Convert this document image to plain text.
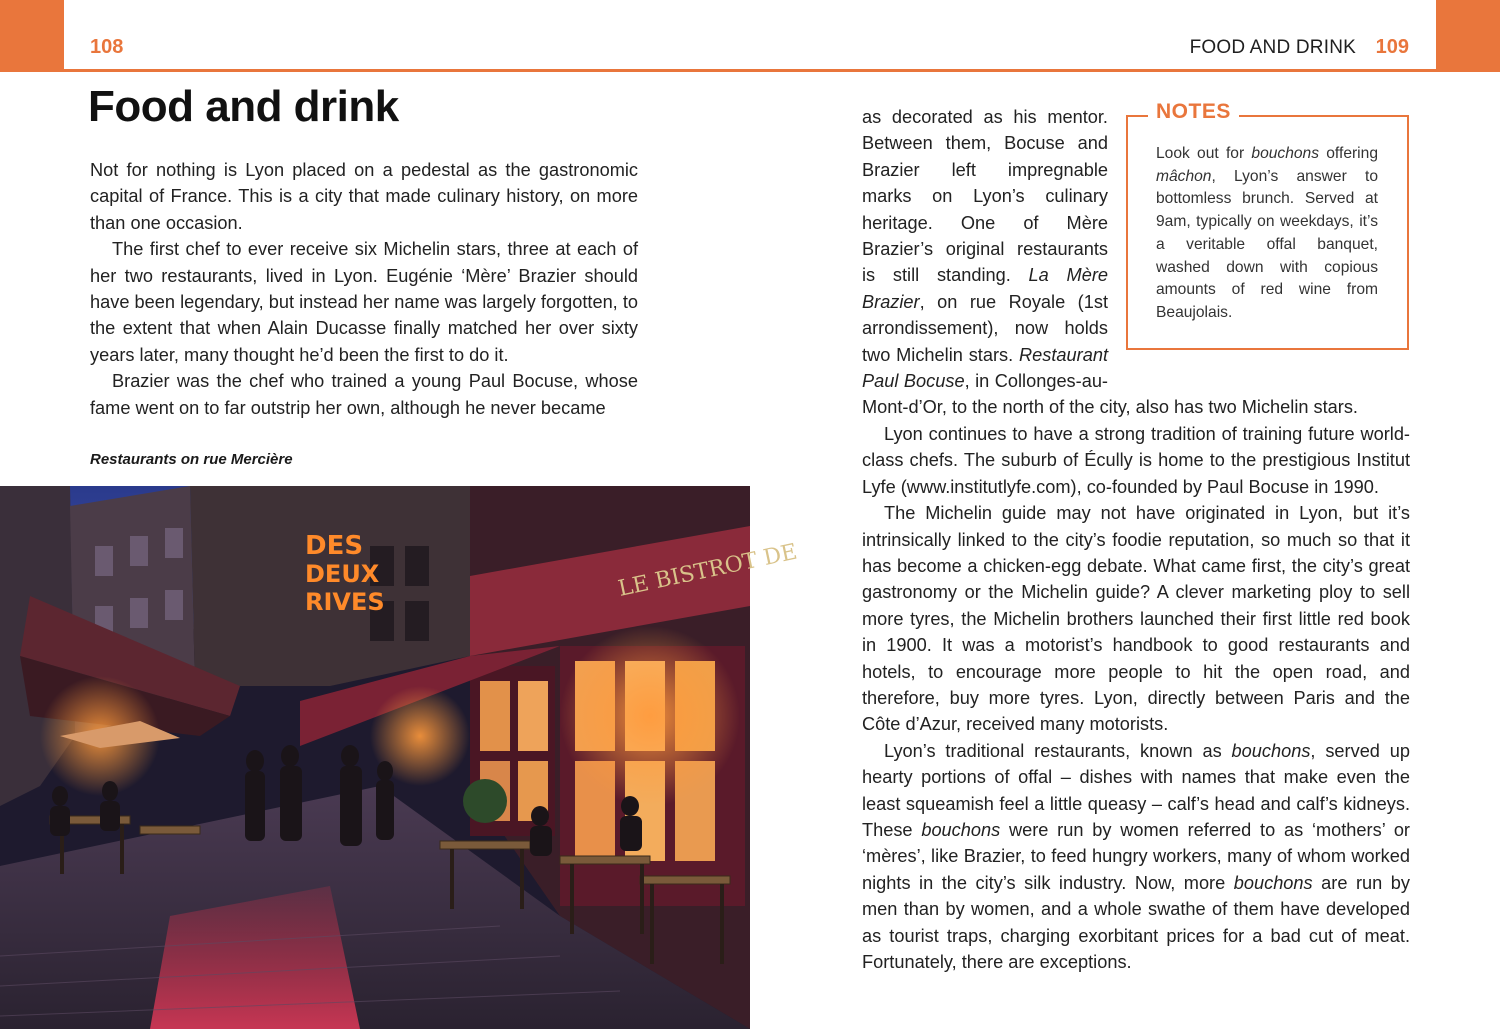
108	FOOD AND DRINK 109
Food and drink

Not for nothing is Lyon placed on a pedestal as the gastronomic capital of France. This is a city that made culinary history, on more than one occasion.

The first chef to ever receive six Michelin stars, three at each of her two restaurants, lived in Lyon. Eugénie ‘Mère’ Brazier should have been legendary, but instead her name was largely forgotten, to the extent that when Alain Ducasse finally matched her over sixty years later, many thought he’d been the first to do it.

Brazier was the chef who trained a young Paul Bocuse, whose fame went on to far outstrip her own, although he never became

Restaurants on rue Mercière
LE BISTROT DE
DES
DEUX
RIVES

as decorated as his mentor. Between them, Bocuse and Brazier left impregnable marks on Lyon’s culinary heritage. One of Mère Brazier’s original restaurants is still standing. La Mère Brazier, on rue Royale (1st arrondissement), now holds two Michelin stars. Restaurant Paul Bocuse, in Collonges-au-Mont-d’Or, to the north of the city, also has two Michelin stars.

Lyon continues to have a strong tradition of training future world-class chefs. The suburb of Écully is home to the prestigious Institut Lyfe (www.institutlyfe.com), co-founded by Paul Bocuse in 1990.

The Michelin guide may not have originated in Lyon, but it’s intrinsically linked to the city’s foodie reputation, so much so that it has become a chicken-egg debate. What came first, the city’s great gastronomy or the Michelin guide? A clever marketing ploy to sell more tyres, the Michelin brothers launched their first little red book in 1900. It was a motorist’s handbook to good restaurants and hotels, to encourage more people to hit the open road, and therefore, buy more tyres. Lyon, directly between Paris and the Côte d’Azur, received many motorists.

Lyon’s traditional restaurants, known as bouchons, served up hearty portions of offal – dishes with names that make even the least squeamish feel a little queasy – calf’s head and calf’s kidneys. These bouchons were run by women referred to as ‘mothers’ or ‘mères’, like Brazier, to feed hungry workers, many of whom worked nights in the city’s silk industry. Now, more bouchons are run by men than by women, and a whole swathe of them have developed as tourist traps, charging exorbitant prices for a bad cut of meat. Fortunately, there are exceptions.

NOTES
Look out for bouchons offering mâchon, Lyon’s answer to bottomless brunch. Served at 9am, typically on weekdays, it’s a veritable offal banquet, washed down with copious amounts of red wine from Beaujolais.
